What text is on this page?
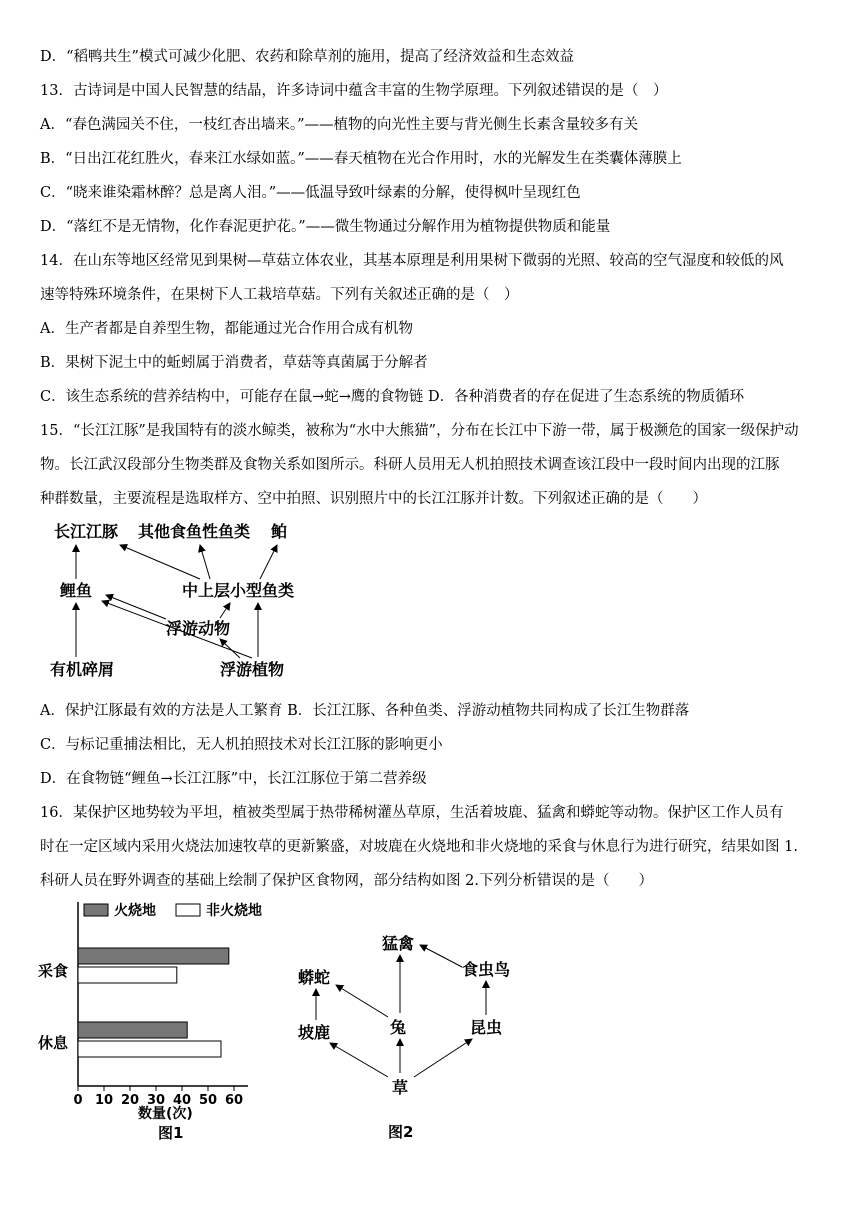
D．“稻鸭共生”模式可减少化肥、农药和除草剂的施用，提高了经济效益和生态效益
13．古诗词是中国人民智慧的结晶，许多诗词中蕴含丰富的生物学原理。下列叙述错误的是（　）
A．“春色满园关不住，一枝红杏出墙来。”——植物的向光性主要与背光侧生长素含量较多有关
B．“日出江花红胜火，春来江水绿如蓝。”——春天植物在光合作用时，水的光解发生在类囊体薄膜上
C．“晓来谁染霜林醉？总是离人泪。”——低温导致叶绿素的分解，使得枫叶呈现红色
D．“落红不是无情物，化作春泥更护花。”——微生物通过分解作用为植物提供物质和能量
14．在山东等地区经常见到果树—草菇立体农业，其基本原理是利用果树下微弱的光照、较高的空气湿度和较低的风
速等特殊环境条件，在果树下人工栽培草菇。下列有关叙述正确的是（　）
A．生产者都是自养型生物，都能通过光合作用合成有机物
B．果树下泥土中的蚯蚓属于消费者，草菇等真菌属于分解者
C．该生态系统的营养结构中，可能存在鼠→蛇→鹰的食物链 D．各种消费者的存在促进了生态系统的物质循环
15．“长江江豚”是我国特有的淡水鲸类，被称为“水中大熊猫”，分布在长江中下游一带，属于极濒危的国家一级保护动
物。长江武汉段部分生物类群及食物关系如图所示。科研人员用无人机拍照技术调查该江段中一段时间内出现的江豚
种群数量，主要流程是选取样方、空中拍照、识别照片中的长江江豚并计数。下列叙述正确的是（　　）
长江江豚 其他食鱼性鱼类 鲌
中上层小型鱼类
鲤鱼
浮游动物
有机碎屑	浮游植物
A．保护江豚最有效的方法是人工繁育 B．长江江豚、各种鱼类、浮游动植物共同构成了长江生物群落
C．与标记重捕法相比，无人机拍照技术对长江江豚的影响更小
D．在食物链“鲤鱼→长江江豚”中，长江江豚位于第二营养级
16．某保护区地势较为平坦，植被类型属于热带稀树灌丛草原，生活着坡鹿、猛禽和蟒蛇等动物。保护区工作人员有
时在一定区域内采用火烧法加速牧草的更新繁盛，对坡鹿在火烧地和非火烧地的采食与休息行为进行研究，结果如图 1.
科研人员在野外调查的基础上绘制了保护区食物网，部分结构如图 2.下列分析错误的是（　　）
火烧地	非火烧地
采食
休息
0 10 20 30 40 50 60
数量(次)
图1
猛禽
食虫鸟
蟒蛇
兔	昆虫
坡鹿
草
图2
